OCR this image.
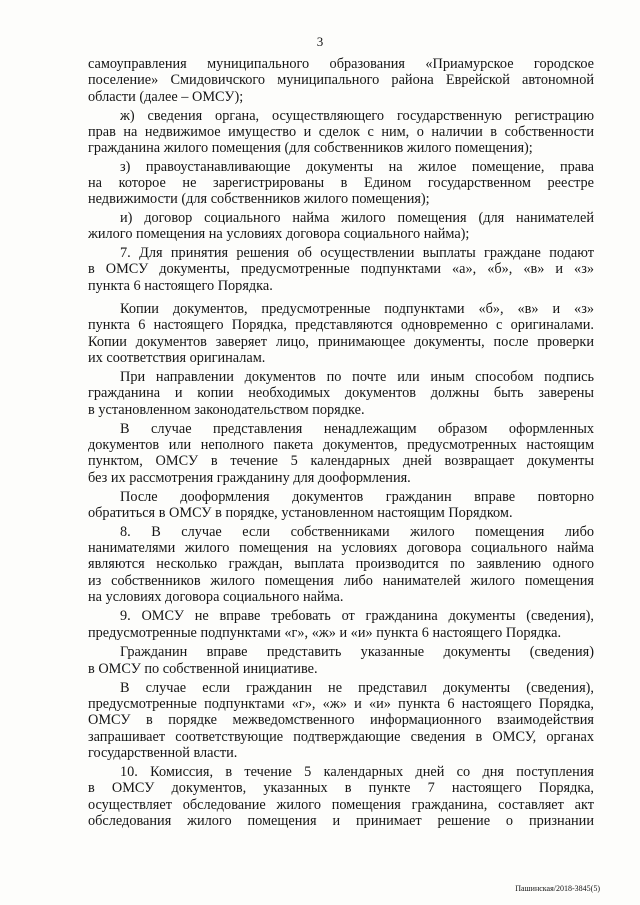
3
самоуправления муниципального образования «Приамурское городское
поселение» Смидовичского муниципального района Еврейской автономной
области (далее – ОМСУ);
ж) сведения органа, осуществляющего государственную регистрацию
прав на недвижимое имущество и сделок с ним, о наличии в собственности
гражданина жилого помещения (для собственников жилого помещения);
з) правоустанавливающие документы на жилое помещение, права
на которое не зарегистрированы в Едином государственном реестре
недвижимости (для собственников жилого помещения);
и) договор социального найма жилого помещения (для нанимателей
жилого помещения на условиях договора социального найма);
7. Для принятия решения об осуществлении выплаты граждане подают
в ОМСУ документы, предусмотренные подпунктами «а», «б», «в» и «з»
пункта 6 настоящего Порядка.
Копии документов, предусмотренные подпунктами «б», «в» и «з»
пункта 6 настоящего Порядка, представляются одновременно с оригиналами.
Копии документов заверяет лицо, принимающее документы, после проверки
их соответствия оригиналам.
При направлении документов по почте или иным способом подпись
гражданина и копии необходимых документов должны быть заверены
в установленном законодательством порядке.
В случае представления ненадлежащим образом оформленных
документов или неполного пакета документов, предусмотренных настоящим
пунктом, ОМСУ в течение 5 календарных дней возвращает документы
без их рассмотрения гражданину для дооформления.
После дооформления документов гражданин вправе повторно
обратиться в ОМСУ в порядке, установленном настоящим Порядком.
8. В случае если собственниками жилого помещения либо
нанимателями жилого помещения на условиях договора социального найма
являются несколько граждан, выплата производится по заявлению одного
из собственников жилого помещения либо нанимателей жилого помещения
на условиях договора социального найма.
9. ОМСУ не вправе требовать от гражданина документы (сведения),
предусмотренные подпунктами «г», «ж» и «и» пункта 6 настоящего Порядка.
Гражданин вправе представить указанные документы (сведения)
в ОМСУ по собственной инициативе.
В случае если гражданин не представил документы (сведения),
предусмотренные подпунктами «г», «ж» и «и» пункта 6 настоящего Порядка,
ОМСУ в порядке межведомственного информационного взаимодействия
запрашивает соответствующие подтверждающие сведения в ОМСУ, органах
государственной власти.
10. Комиссия, в течение 5 календарных дней со дня поступления
в ОМСУ документов, указанных в пункте 7 настоящего Порядка,
осуществляет обследование жилого помещения гражданина, составляет акт
обследования жилого помещения и принимает решение о признании
Пашинская/2018-3845(5)
